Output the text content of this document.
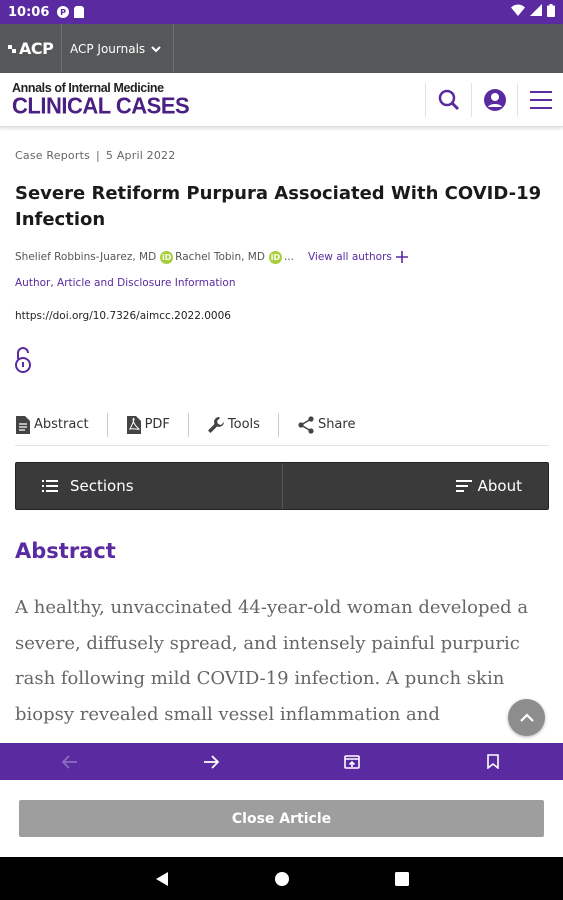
10:06 P
ACP ACP Journals
Annals of Internal Medicine
CLINICAL CASES
Case Reports | 5 April 2022
Severe Retiform Purpura Associated With COVID-19 Infection
Shelief Robbins-Juarez, MD iD Rachel Tobin, MD iD ... View all authors
Author, Article and Disclosure Information
https://doi.org/10.7326/aimcc.2022.0006
Abstract	PDF	Tools	Share
Sections	About
Abstract
A healthy, unvaccinated 44-year-old woman developed a severe, diffusely spread, and intensely painful purpuric rash following mild COVID-19 infection. A punch skin biopsy revealed small vessel inflammation and
Close Article
